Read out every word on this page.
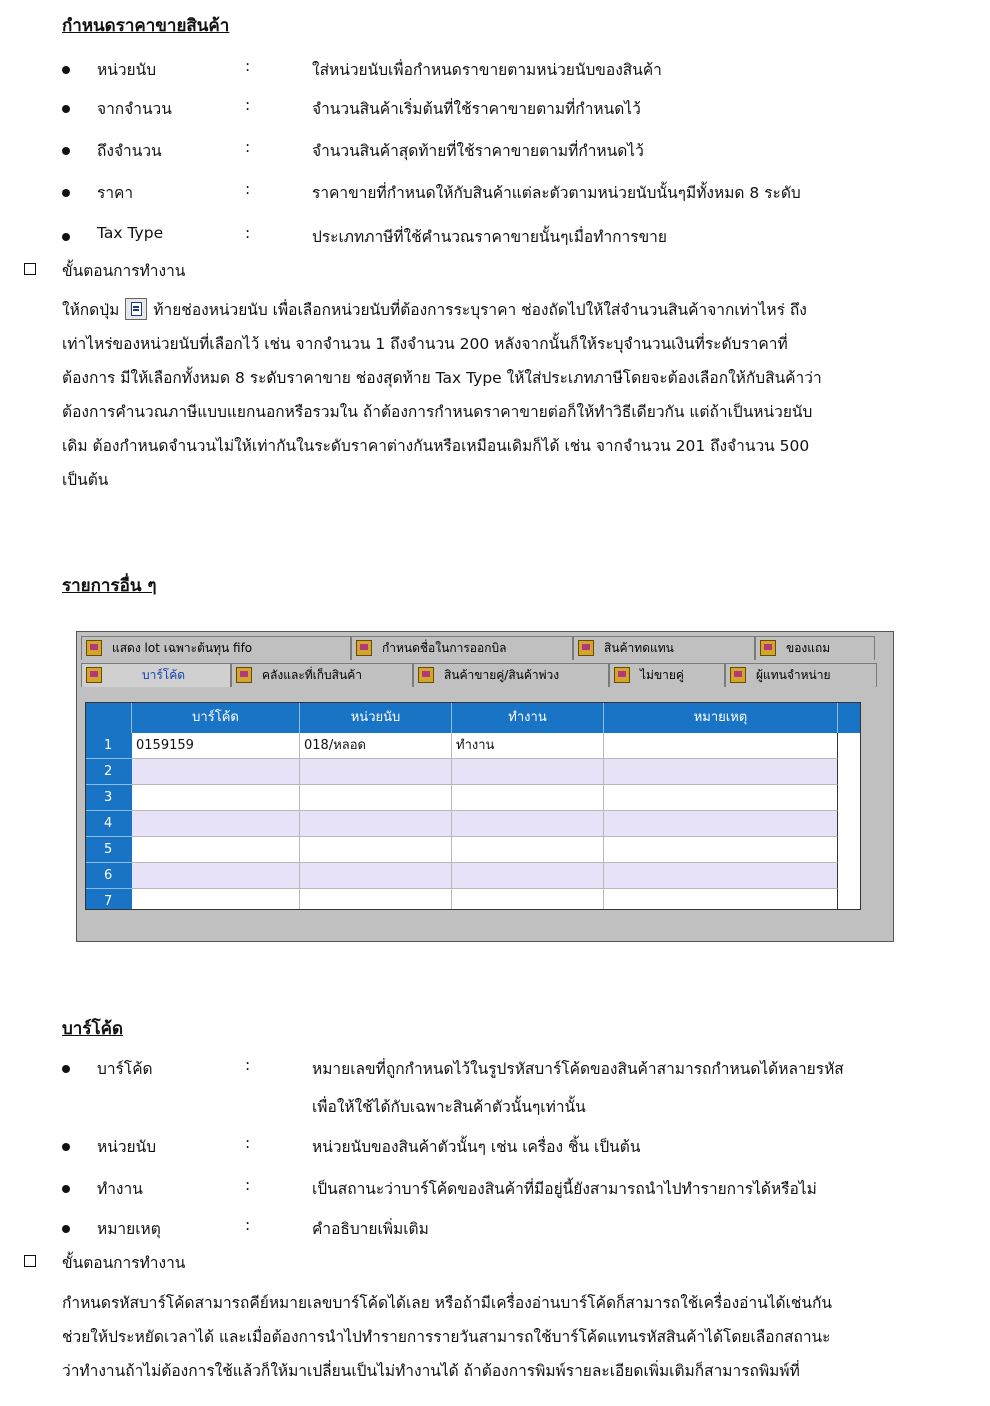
กำหนดราคาขายสินค้า
หน่วยนับ	:	ใส่หน่วยนับเพื่อกำหนดราขายตามหน่วยนับของสินค้า
จากจำนวน	:	จำนวนสินค้าเริ่มต้นที่ใช้ราคาขายตามที่กำหนดไว้
ถึงจำนวน	:	จำนวนสินค้าสุดท้ายที่ใช้ราคาขายตามที่กำหนดไว้
ราคา	:	ราคาขายที่กำหนดให้กับสินค้าแต่ละตัวตามหน่วยนับนั้นๆมีทั้งหมด 8 ระดับ
Tax Type	:	ประเภทภาษีที่ใช้คำนวณราคาขายนั้นๆเมื่อทำการขาย
ขั้นตอนการทำงาน
ให้กดปุ่ม ท้ายช่องหน่วยนับ เพื่อเลือกหน่วยนับที่ต้องการระบุราคา ช่องถัดไปให้ใส่จำนวนสินค้าจากเท่าไหร่ ถึง
เท่าไหร่ของหน่วยนับที่เลือกไว้ เช่น จากจำนวน 1 ถึงจำนวน 200 หลังจากนั้นก็ให้ระบุจำนวนเงินที่ระดับราคาที่
ต้องการ มีให้เลือกทั้งหมด 8 ระดับราคาขาย ช่องสุดท้าย Tax Type ให้ใส่ประเภทภาษีโดยจะต้องเลือกให้กับสินค้าว่า
ต้องการคำนวณภาษีแบบแยกนอกหรือรวมใน ถ้าต้องการกำหนดราคาขายต่อก็ให้ทำวิธีเดียวกัน แต่ถ้าเป็นหน่วยนับ
เดิม ต้องกำหนดจำนวนไม่ให้เท่ากันในระดับราคาต่างกันหรือเหมือนเดิมก็ได้ เช่น จากจำนวน 201 ถึงจำนวน 500
เป็นต้น
รายการอื่น ๆ
แสดง lot เฉพาะต้นทุน fifo	กำหนดชื่อในการออกบิล	สินค้าทดแทน	ของแถม
บาร์โค้ด	คลังและที่เก็บสินค้า	สินค้าขายคู่/สินค้าพ่วง	ไม่ขายคู่	ผู้แทนจำหน่าย
บาร์โค้ด	หน่วยนับ	ทำงาน	หมายเหตุ
1	0159159	018/หลอด	ทำงาน
2
3
4
5
6
7
บาร์โค้ด
บาร์โค้ด	:	หมายเลขที่ถูกกำหนดไว้ในรูปรหัสบาร์โค้ดของสินค้าสามารถกำหนดได้หลายรหัส
เพื่อให้ใช้ได้กับเฉพาะสินค้าตัวนั้นๆเท่านั้น
หน่วยนับ	:	หน่วยนับของสินค้าตัวนั้นๆ เช่น เครื่อง ชิ้น เป็นต้น
ทำงาน	:	เป็นสถานะว่าบาร์โค้ดของสินค้าที่มีอยู่นี้ยังสามารถนำไปทำรายการได้หรือไม่
หมายเหตุ	:	คำอธิบายเพิ่มเติม
ขั้นตอนการทำงาน
กำหนดรหัสบาร์โค้ดสามารถคีย์หมายเลขบาร์โค้ดได้เลย หรือถ้ามีเครื่องอ่านบาร์โค้ดก็สามารถใช้เครื่องอ่านได้เช่นกัน
ช่วยให้ประหยัดเวลาได้ และเมื่อต้องการนำไปทำรายการรายวันสามารถใช้บาร์โค้ดแทนรหัสสินค้าได้โดยเลือกสถานะ
ว่าทำงานถ้าไม่ต้องการใช้แล้วก็ให้มาเปลี่ยนเป็นไม่ทำงานได้ ถ้าต้องการพิมพ์รายละเอียดเพิ่มเติมก็สามารถพิมพ์ที่
